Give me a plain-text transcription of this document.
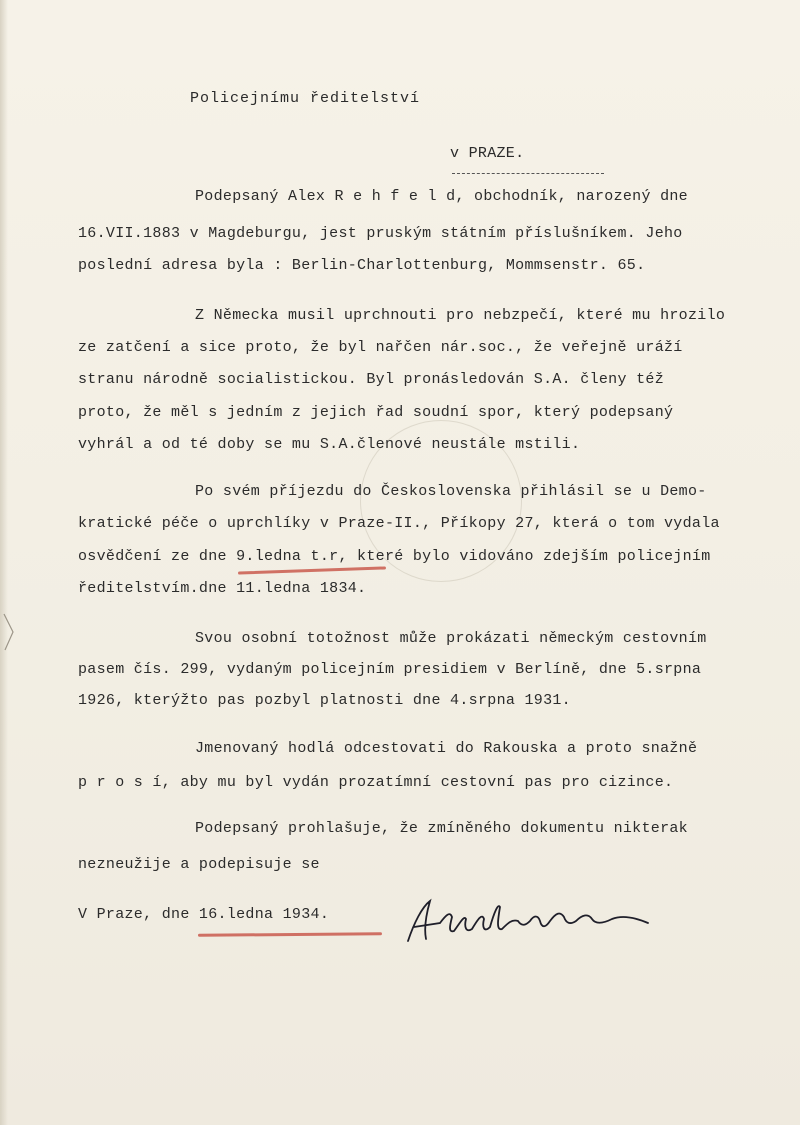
Policejnímu ředitelství
v PRAZE.
Podepsaný Alex R e h f e l d, obchodník, narozený dne
16.VII.1883 v Magdeburgu, jest pruským státním příslušníkem. Jeho
poslední adresa byla : Berlin-Charlottenburg, Mommsenstr. 65.
Z Německa musil uprchnouti pro nebzpečí, které mu hrozilo
ze zatčení a sice proto, že byl nařčen nár.soc., že veřejně uráží
stranu národně socialistickou. Byl pronásledován S.A. členy též
proto, že měl s jedním z jejich řad soudní spor, který podepsaný
vyhrál a od té doby se mu S.A.členové neustále mstili.
Po svém příjezdu do Československa přihlásil se u Demo-
kratické péče o uprchlíky v Praze-II., Příkopy 27, která o tom vydala
osvědčení ze dne 9.ledna t.r, které bylo vidováno zdejším policejním
ředitelstvím.dne 11.ledna 1834.
Svou osobní totožnost může prokázati německým cestovním
pasem čís. 299, vydaným policejním presidiem v Berlíně, dne 5.srpna
1926, kterýžto pas pozbyl platnosti dne 4.srpna 1931.
Jmenovaný hodlá odcestovati do Rakouska a proto snažně
p r o s í, aby mu byl vydán prozatímní cestovní pas pro cizince.
Podepsaný prohlašuje, že zmíněného dokumentu nikterak
nezneužije a podepisuje se
V Praze, dne 16.ledna 1934.
